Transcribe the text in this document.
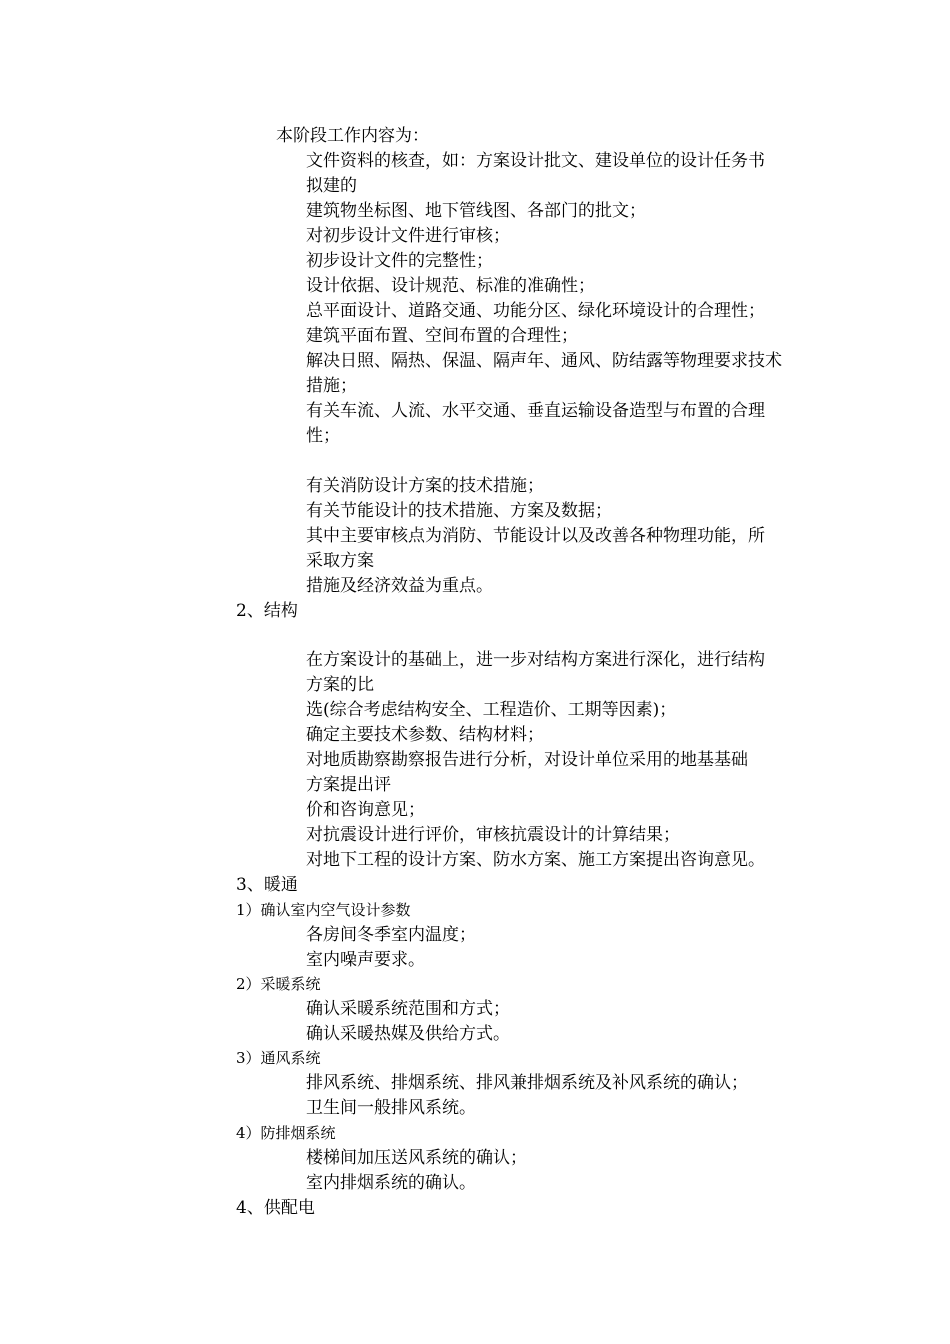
本阶段工作内容为：
文件资料的核查，如：方案设计批文、建设单位的设计任务书
拟建的
建筑物坐标图、地下管线图、各部门的批文；
对初步设计文件进行审核；
初步设计文件的完整性；
设计依据、设计规范、标准的准确性；
总平面设计、道路交通、功能分区、绿化环境设计的合理性；
建筑平面布置、空间布置的合理性；
解决日照、隔热、保温、隔声年、通风、防结露等物理要求技术
措施；
有关车流、人流、水平交通、垂直运输设备造型与布置的合理
性；
有关消防设计方案的技术措施；
有关节能设计的技术措施、方案及数据；
其中主要审核点为消防、节能设计以及改善各种物理功能，所
采取方案
措施及经济效益为重点。
2、结构
在方案设计的基础上，进一步对结构方案进行深化，进行结构
方案的比
选(综合考虑结构安全、工程造价、工期等因素)；
确定主要技术参数、结构材料；
对地质勘察勘察报告进行分析，对设计单位采用的地基基础
方案提出评
价和咨询意见；
对抗震设计进行评价，审核抗震设计的计算结果；
对地下工程的设计方案、防水方案、施工方案提出咨询意见。
3、暖通
1）确认室内空气设计参数
各房间冬季室内温度；
室内噪声要求。
2）采暖系统
确认采暖系统范围和方式；
确认采暖热媒及供给方式。
3）通风系统
排风系统、排烟系统、排风兼排烟系统及补风系统的确认；
卫生间一般排风系统。
4）防排烟系统
楼梯间加压送风系统的确认；
室内排烟系统的确认。
4、供配电
